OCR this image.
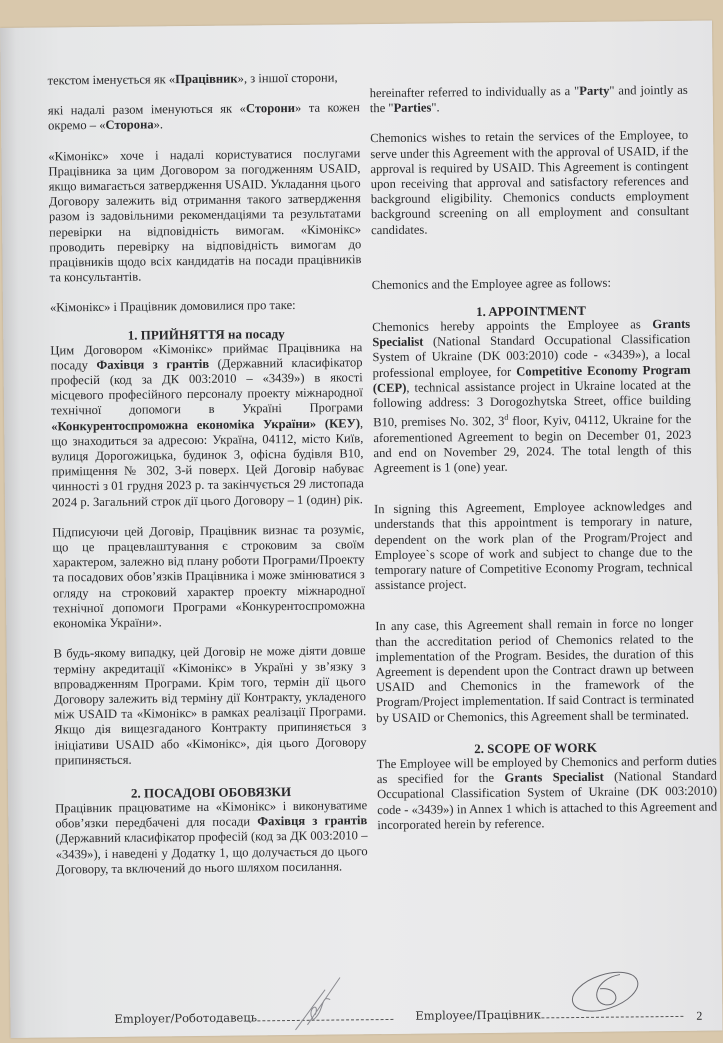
текстом іменується як «Працівник», з іншої сторони,

які надалі разом іменуються як «Сторони» та кожен окремо – «Сторона».

«Кімонікс» хоче і надалі користуватися послугами Працівника за цим Договором за погодженням USAID, якщо вимагається затвердження USAID. Укладання цього Договору залежить від отримання такого затвердження разом із задовільними рекомендаціями та результатами перевірки на відповідність вимогам. «Кімонікс» проводить перевірку на відповідність вимогам до працівників щодо всіх кандидатів на посади працівників та консультантів.

«Кімонікс» і Працівник домовилися про таке:

1. ПРИЙНЯТТЯ на посаду

Цим Договором «Кімонікс» приймає Працівника на посаду Фахівця з грантів (Державний класифікатор професій (код за ДК 003:2010 – «3439») в якості місцевого професійного персоналу проекту міжнародної технічної допомоги в Україні Програми «Конкурентоспроможна економіка України» (КЕУ), що знаходиться за адресою: Україна, 04112, місто Київ, вулиця Дорогожицька, будинок 3, офісна будівля B10, приміщення № 302, 3-й поверх. Цей Договір набуває чинності з 01 грудня 2023 р. та закінчується 29 листопада 2024 р. Загальний строк дії цього Договору – 1 (один) рік.

Підписуючи цей Договір, Працівник визнає та розуміє, що це працевлаштування є строковим за своїм характером, залежно від плану роботи Програми/Проекту та посадових обов’язків Працівника і може змінюватися з огляду на строковий характер проекту міжнародної технічної допомоги Програми «Конкурентоспроможна економіка України».

В будь-якому випадку, цей Договір не може діяти довше терміну акредитації «Кімонікс» в Україні у зв’язку з впровадженням Програми. Крім того, термін дії цього Договору залежить від терміну дії Контракту, укладеного між USAID та «Кімонікс» в рамках реалізації Програми. Якщо дія вищезгаданого Контракту припиняється з ініціативи USAID або «Кімонікс», дія цього Договору припиняється.

2. ПОСАДОВІ ОБОВЯЗКИ

Працівник працюватиме на «Кімонікс» і виконуватиме обов’язки передбачені для посади Фахівця з грантів (Державний класифікатор професій (код за ДК 003:2010 – «3439»), і наведені у Додатку 1, що долучається до цього Договору, та включений до нього шляхом посилання.

hereinafter referred to individually as a "Party" and jointly as the "Parties".

Chemonics wishes to retain the services of the Employee, to serve under this Agreement with the approval of USAID, if the approval is required by USAID. This Agreement is contingent upon receiving that approval and satisfactory references and background eligibility. Chemonics conducts employment background screening on all employment and consultant candidates.

Chemonics and the Employee agree as follows:

1. APPOINTMENT

Chemonics hereby appoints the Employee as Grants Specialist (National Standard Occupational Classification System of Ukraine (DK 003:2010) code - «3439»), a local professional employee, for Competitive Economy Program (CEP), technical assistance project in Ukraine located at the following address: 3 Dorogozhytska Street, office building B10, premises No. 302, 3$^d$ floor, Kyiv, 04112, Ukraine for the aforementioned Agreement to begin on December 01, 2023 and end on November 29, 2024. The total length of this Agreement is 1 (one) year.

In signing this Agreement, Employee acknowledges and understands that this appointment is temporary in nature, dependent on the work plan of the Program/Project and Employee`s scope of work and subject to change due to the temporary nature of Competitive Economy Program, technical assistance project.

In any case, this Agreement shall remain in force no longer than the accreditation period of Chemonics related to the implementation of the Program. Besides, the duration of this Agreement is dependent upon the Contract drawn up between USAID and Chemonics in the framework of the Program/Project implementation. If said Contract is terminated by USAID or Chemonics, this Agreement shall be terminated.

2. SCOPE OF WORK

The Employee will be employed by Chemonics and perform duties as specified for the Grants Specialist (National Standard Occupational Classification System of Ukraine (DK 003:2010) code - «3439») in Annex 1 which is attached to this Agreement and incorporated herein by reference.

Employer/Роботодавець	Employee/Працівник	2
